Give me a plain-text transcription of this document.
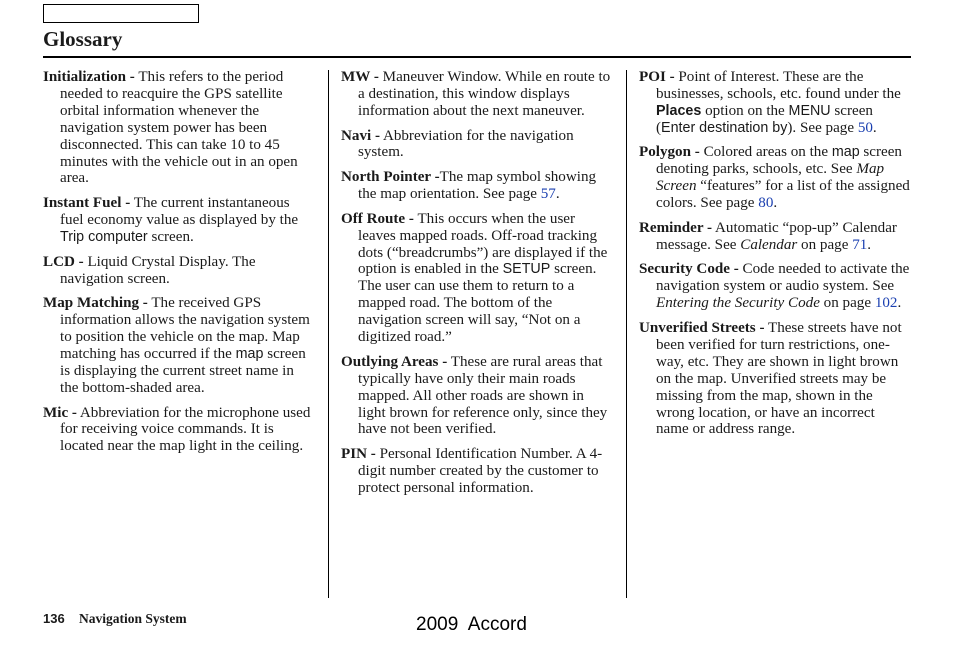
Glossary

Initialization - This refers to the period needed to reacquire the GPS satellite orbital information whenever the navigation system power has been disconnected. This can take 10 to 45 minutes with the vehicle out in an open area.

Instant Fuel - The current instantaneous fuel economy value as displayed by the Trip computer screen.

LCD - Liquid Crystal Display. The navigation screen.

Map Matching - The received GPS information allows the navigation system to position the vehicle on the map. Map matching has occurred if the map screen is displaying the current street name in the bottom-shaded area.

Mic - Abbreviation for the microphone used for receiving voice commands. It is located near the map light in the ceiling.

MW - Maneuver Window. While en route to a destination, this window displays information about the next maneuver.

Navi - Abbreviation for the navigation system.

North Pointer -The map symbol showing the map orientation. See page 57.

Off Route - This occurs when the user leaves mapped roads. Off-road tracking dots (“breadcrumbs”) are displayed if the option is enabled in the SETUP screen. The user can use them to return to a mapped road. The bottom of the navigation screen will say, “Not on a digitized road.”

Outlying Areas - These are rural areas that typically have only their main roads mapped. All other roads are shown in light brown for reference only, since they have not been verified.

PIN - Personal Identification Number. A 4-digit number created by the customer to protect personal information.

POI - Point of Interest. These are the businesses, schools, etc. found under the Places option on the MENU screen (Enter destination by). See page 50.

Polygon - Colored areas on the map screen denoting parks, schools, etc. See Map Screen “features” for a list of the assigned colors. See page 80.

Reminder - Automatic “pop-up” Calendar message. See Calendar on page 71.

Security Code - Code needed to activate the navigation system or audio system. See Entering the Security Code on page 102.

Unverified Streets - These streets have not been verified for turn restrictions, one-way, etc. They are shown in light brown on the map. Unverified streets may be missing from the map, shown in the wrong location, or have an incorrect name or address range.

136 Navigation System	2009  Accord
